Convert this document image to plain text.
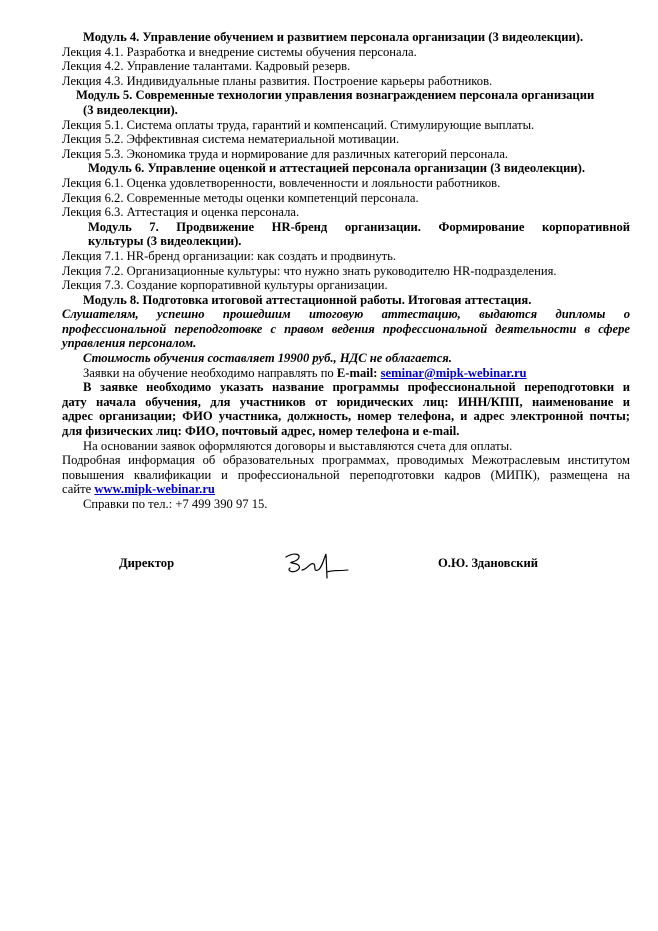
Модуль 4. Управление обучением и развитием персонала организации (3 видеолекции).

Лекция 4.1. Разработка и внедрение системы обучения персонала.

Лекция 4.2. Управление талантами. Кадровый резерв.

Лекция 4.3. Индивидуальные планы развития. Построение карьеры работников.

Модуль 5. Современные технологии управления вознаграждением персонала организации

(3 видеолекции).

Лекция 5.1. Система оплаты труда, гарантий и компенсаций. Стимулирующие выплаты.

Лекция 5.2. Эффективная система нематериальной мотивации.

Лекция 5.3. Экономика труда и нормирование для различных категорий персонала.

Модуль 6. Управление оценкой и аттестацией персонала организации (3 видеолекции).

Лекция 6.1. Оценка удовлетворенности, вовлеченности и лояльности работников.

Лекция 6.2. Современные методы оценки компетенций персонала.

Лекция 6.3. Аттестация и оценка персонала.

Модуль 7. Продвижение HR-бренд организации. Формирование корпоративной

культуры (3 видеолекции).

Лекция 7.1. HR-бренд организации: как создать и продвинуть.

Лекция 7.2. Организационные культуры: что нужно знать руководителю HR-подразделения.

Лекция 7.3. Создание корпоративной культуры организации.

Модуль 8. Подготовка итоговой аттестационной работы. Итоговая аттестация.

Слушателям, успешно прошедшим итоговую аттестацию, выдаются дипломы о

профессиональной переподготовке с правом ведения профессиональной деятельности в сфере

управления персоналом.

Стоимость обучения составляет 19900 руб., НДС не облагается.

Заявки на обучение необходимо направлять по E-mail: seminar@mipk-webinar.ru

В заявке необходимо указать название программы профессиональной переподготовки и

дату начала обучения, для участников от юридических лиц: ИНН/КПП, наименование и

адрес организации; ФИО участника, должность, номер телефона, и адрес электронной почты;

для физических лиц: ФИО, почтовый адрес, номер телефона и e-mail.

На основании заявок оформляются договоры и выставляются счета для оплаты.

Подробная информация об образовательных программах, проводимых Межотраслевым институтом

повышения квалификации и профессиональной переподготовки кадров (МИПК), размещена на

сайте www.mipk-webinar.ru

Справки по тел.: +7 499 390 97 15.

Директор	О.Ю. Здановский
